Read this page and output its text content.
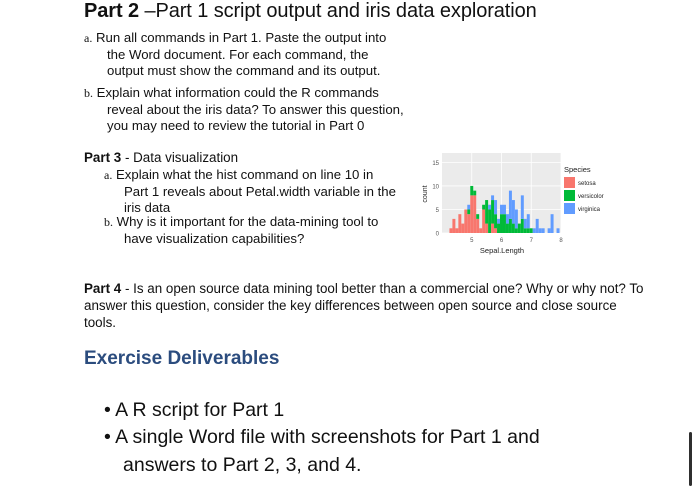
Part 2 –Part 1 script output and iris data exploration
a. Run all commands in Part 1. Paste the output into
the Word document. For each command, the
output must show the command and its output.
b. Explain what information could the R commands
reveal about the iris data? To answer this question,
you may need to review the tutorial in Part 0
Part 3 - Data visualization
a. Explain what the hist command on line 10 in
Part 1 reveals about Petal.width variable in the
iris data
b. Why is it important for the data-mining tool to
have visualization capabilities?	0
5
10
15
5	6	7	8
count
Sepal.Length
Species
setosa
versicolor
virginica
Part 4 - Is an open source data mining tool better than a commercial one? Why or why not? To answer this question, consider the key differences between open source and close source tools.
Exercise Deliverables
• A R script for Part 1
• A single Word file with screenshots for Part 1 and
answers to Part 2, 3, and 4.
